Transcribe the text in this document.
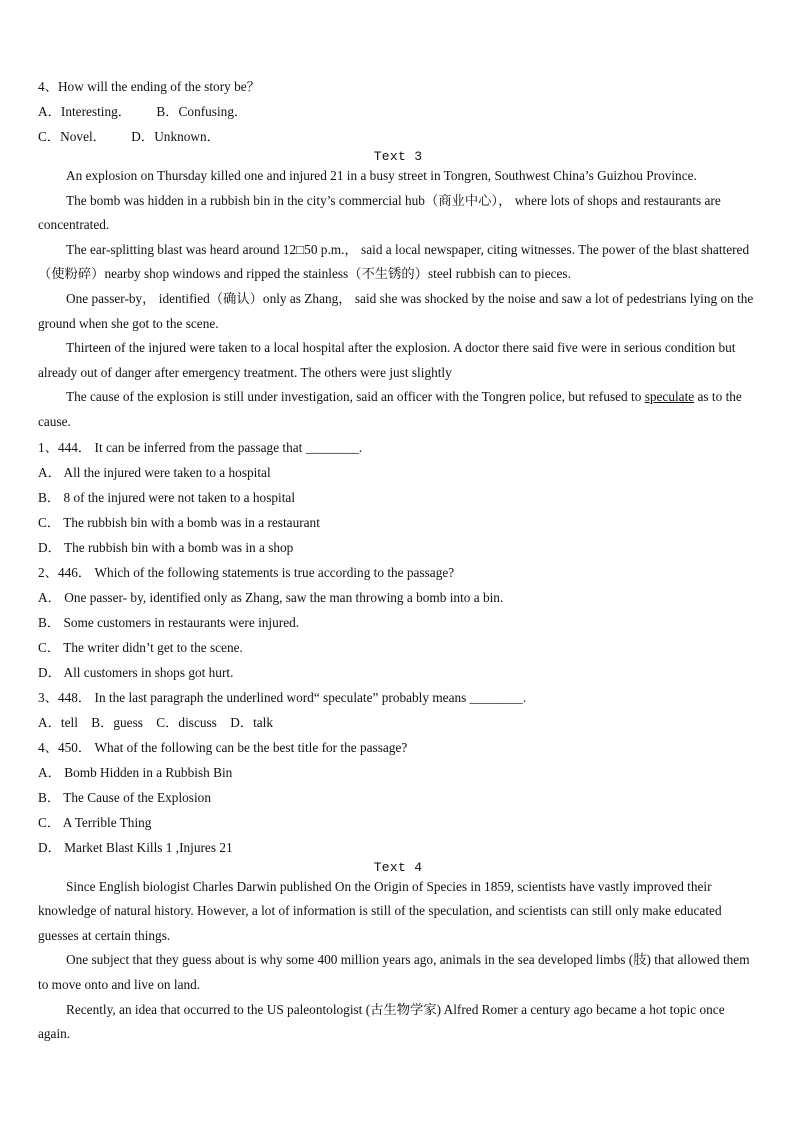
4、How will the ending of the story be？
A．Interesting． B．Confusing．
C．Novel． D．Unknown．
Text 3
An explosion on Thursday killed one and injured 21 in a busy street in Tongren, Southwest China’s Guizhou Province.
The bomb was hidden in a rubbish bin in the city’s commercial hub（商业中心）， where lots of shops and restaurants are concentrated.
The ear-splitting blast was heard around 12□50 p.m.， said a local newspaper, citing witnesses. The power of the blast shattered（使粉碎）nearby shop windows and ripped the stainless（不生锈的）steel rubbish can to pieces.
One passer-by， identified（确认）only as Zhang， said she was shocked by the noise and saw a lot of pedestrians lying on the ground when she got to the scene.
Thirteen of the injured were taken to a local hospital after the explosion. A doctor there said five were in serious condition but already out of danger after emergency treatment. The others were just slightly
The cause of the explosion is still under investigation, said an officer with the Tongren police, but refused to speculate as to the cause.
1、444． It can be inferred from the passage that ________.
A． All the injured were taken to a hospital
B． 8 of the injured were not taken to a hospital
C． The rubbish bin with a bomb was in a restaurant
D． The rubbish bin with a bomb was in a shop
2、446． Which of the following statements is true according to the passage?
A． One passer- by, identified only as Zhang, saw the man throwing a bomb into a bin.
B． Some customers in restaurants were injured.
C． The writer didn’t get to the scene.
D． All customers in shops got hurt.
3、448． In the last paragraph the underlined word“ speculate” probably means ________.
A．tell B．guess C．discuss D．talk
4、450． What of the following can be the best title for the passage?
A． Bomb Hidden in a Rubbish Bin
B． The Cause of the Explosion
C． A Terrible Thing
D． Market Blast Kills 1 ,Injures 21
Text 4
Since English biologist Charles Darwin published On the Origin of Species in 1859, scientists have vastly improved their knowledge of natural history. However, a lot of information is still of the speculation, and scientists can still only make educated guesses at certain things.
One subject that they guess about is why some 400 million years ago, animals in the sea developed limbs (肢) that allowed them to move onto and live on land.
Recently, an idea that occurred to the US paleontologist (古生物学家) Alfred Romer a century ago became a hot topic once again.
